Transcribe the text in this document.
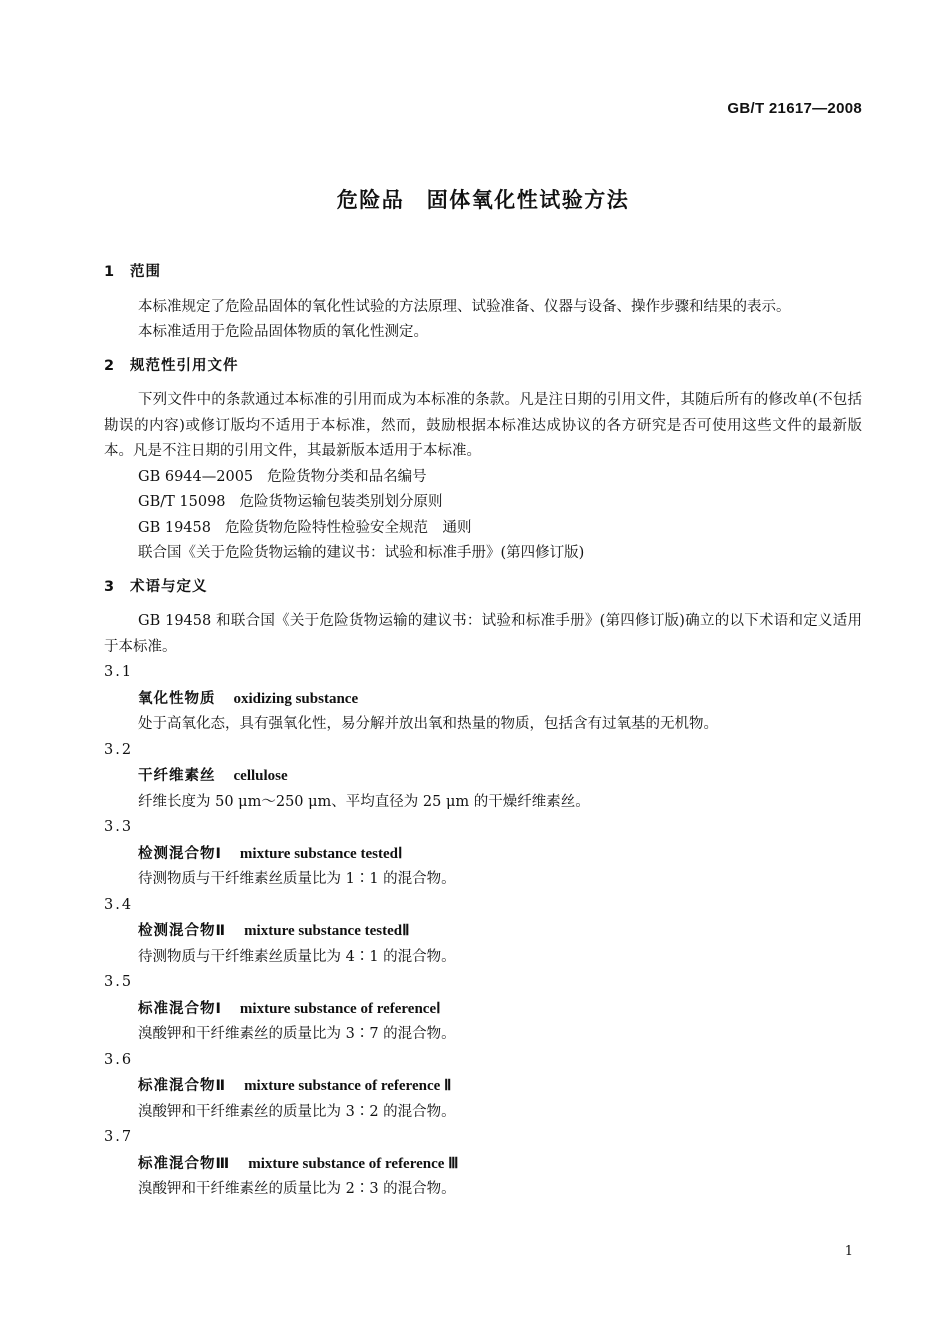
GB/T 21617—2008
危险品　固体氧化性试验方法
1 范围

本标准规定了危险品固体的氧化性试验的方法原理、试验准备、仪器与设备、操作步骤和结果的表示。

本标准适用于危险品固体物质的氧化性测定。

2 规范性引用文件

下列文件中的条款通过本标准的引用而成为本标准的条款。凡是注日期的引用文件，其随后所有的修改单(不包括勘误的内容)或修订版均不适用于本标准，然而，鼓励根据本标准达成协议的各方研究是否可使用这些文件的最新版本。凡是不注日期的引用文件，其最新版本适用于本标准。

GB 6944—2005 危险货物分类和品名编号

GB/T 15098 危险货物运输包装类别划分原则

GB 19458 危险货物危险特性检验安全规范　通则

联合国《关于危险货物运输的建议书：试验和标准手册》(第四修订版)

3 术语与定义

GB 19458 和联合国《关于危险货物运输的建议书：试验和标准手册》(第四修订版)确立的以下术语和定义适用于本标准。

3.1

氧化性物质 oxidizing substance

处于高氧化态，具有强氧化性，易分解并放出氧和热量的物质，包括含有过氧基的无机物。

3.2

干纤维素丝 cellulose

纤维长度为 50 μm～250 μm、平均直径为 25 μm 的干燥纤维素丝。

3.3

检测混合物Ⅰ mixture substance testedⅠ

待测物质与干纤维素丝质量比为 1∶1 的混合物。

3.4

检测混合物Ⅱ mixture substance testedⅡ

待测物质与干纤维素丝质量比为 4∶1 的混合物。

3.5

标准混合物Ⅰ mixture substance of referenceⅠ

溴酸钾和干纤维素丝的质量比为 3∶7 的混合物。

3.6

标准混合物Ⅱ mixture substance of reference Ⅱ

溴酸钾和干纤维素丝的质量比为 3∶2 的混合物。

3.7

标准混合物Ⅲ mixture substance of reference Ⅲ

溴酸钾和干纤维素丝的质量比为 2∶3 的混合物。

1
